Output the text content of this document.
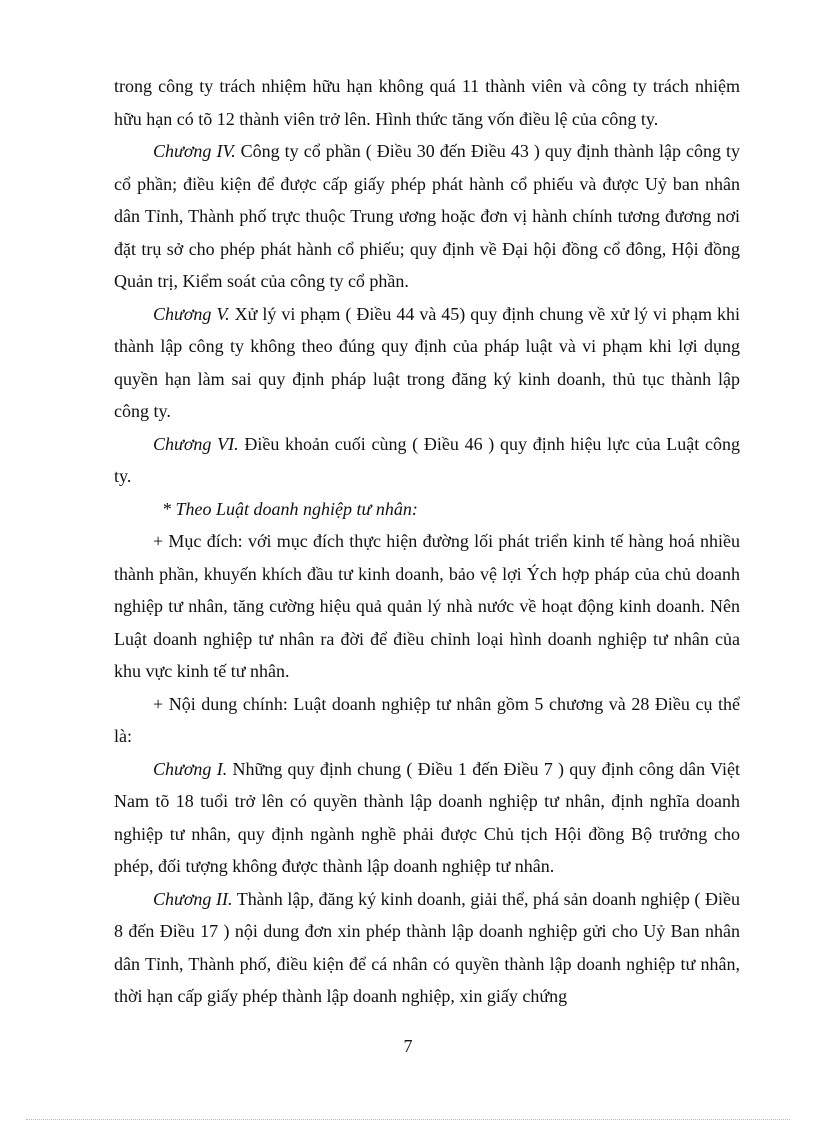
trong công ty trách nhiệm hữu hạn không quá 11 thành viên và công ty trách nhiệm hữu hạn có tõ 12 thành viên trở lên. Hình thức tăng vốn điều lệ của công ty.

Chương IV. Công ty cổ phần ( Điều 30 đến Điều 43 ) quy định thành lập công ty cổ phần; điều kiện để được cấp giấy phép phát hành cổ phiếu và được Uỷ ban nhân dân Tỉnh, Thành phố trực thuộc Trung ương hoặc đơn vị hành chính tương đương nơi đặt trụ sở cho phép phát hành cổ phiếu; quy định về Đại hội đồng cổ đông, Hội đồng Quản trị, Kiểm soát của công ty cổ phần.

Chương V. Xử lý vi phạm ( Điều 44 và 45) quy định chung về xử lý vi phạm khi thành lập công ty không theo đúng quy định của pháp luật và vi phạm khi lợi dụng quyền hạn làm sai quy định pháp luật trong đăng ký kinh doanh, thủ tục thành lập công ty.

Chương VI. Điều khoản cuối cùng ( Điều 46 ) quy định hiệu lực của Luật công ty.

* Theo Luật doanh nghiệp tư nhân:

+ Mục đích: với mục đích thực hiện đường lối phát triển kinh tế hàng hoá nhiều thành phần, khuyến khích đầu tư kinh doanh, bảo vệ lợi Ých hợp pháp của chủ doanh nghiệp tư nhân, tăng cường hiệu quả quản lý nhà nước về hoạt động kinh doanh. Nên Luật doanh nghiệp tư nhân ra đời để điều chỉnh loại hình doanh nghiệp tư nhân của khu vực kinh tế tư nhân.

+ Nội dung chính: Luật doanh nghiệp tư nhân gồm 5 chương và 28 Điều cụ thể là:

Chương I. Những quy định chung ( Điều 1 đến Điều 7 ) quy định công dân Việt Nam tõ 18 tuổi trở lên có quyền thành lập doanh nghiệp tư nhân, định nghĩa doanh nghiệp tư nhân, quy định ngành nghề phải được Chủ tịch Hội đồng Bộ trưởng cho phép, đối tượng không được thành lập doanh nghiệp tư nhân.

Chương II. Thành lập, đăng ký kinh doanh, giải thể, phá sản doanh nghiệp ( Điều 8 đến Điều 17 ) nội dung đơn xin phép thành lập doanh nghiệp gửi cho Uỷ Ban nhân dân Tỉnh, Thành phố, điều kiện để cá nhân có quyền thành lập doanh nghiệp tư nhân, thời hạn cấp giấy phép thành lập doanh nghiệp, xin giấy chứng

7
